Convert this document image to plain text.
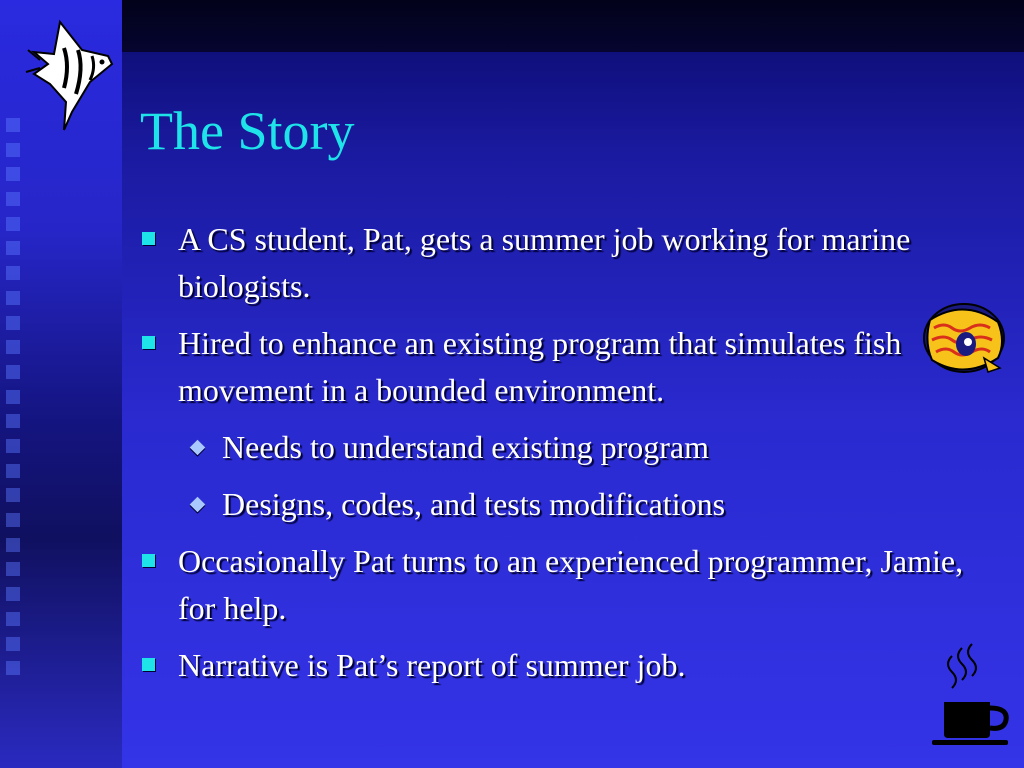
The Story
A CS student, Pat, gets a summer job working for marine biologists.
Hired to enhance an existing program that simulates fish movement in a bounded environment.
Needs to understand existing program
Designs, codes, and tests modifications
Occasionally Pat turns to an experienced programmer, Jamie, for help.
Narrative is Pat’s report of summer job.
